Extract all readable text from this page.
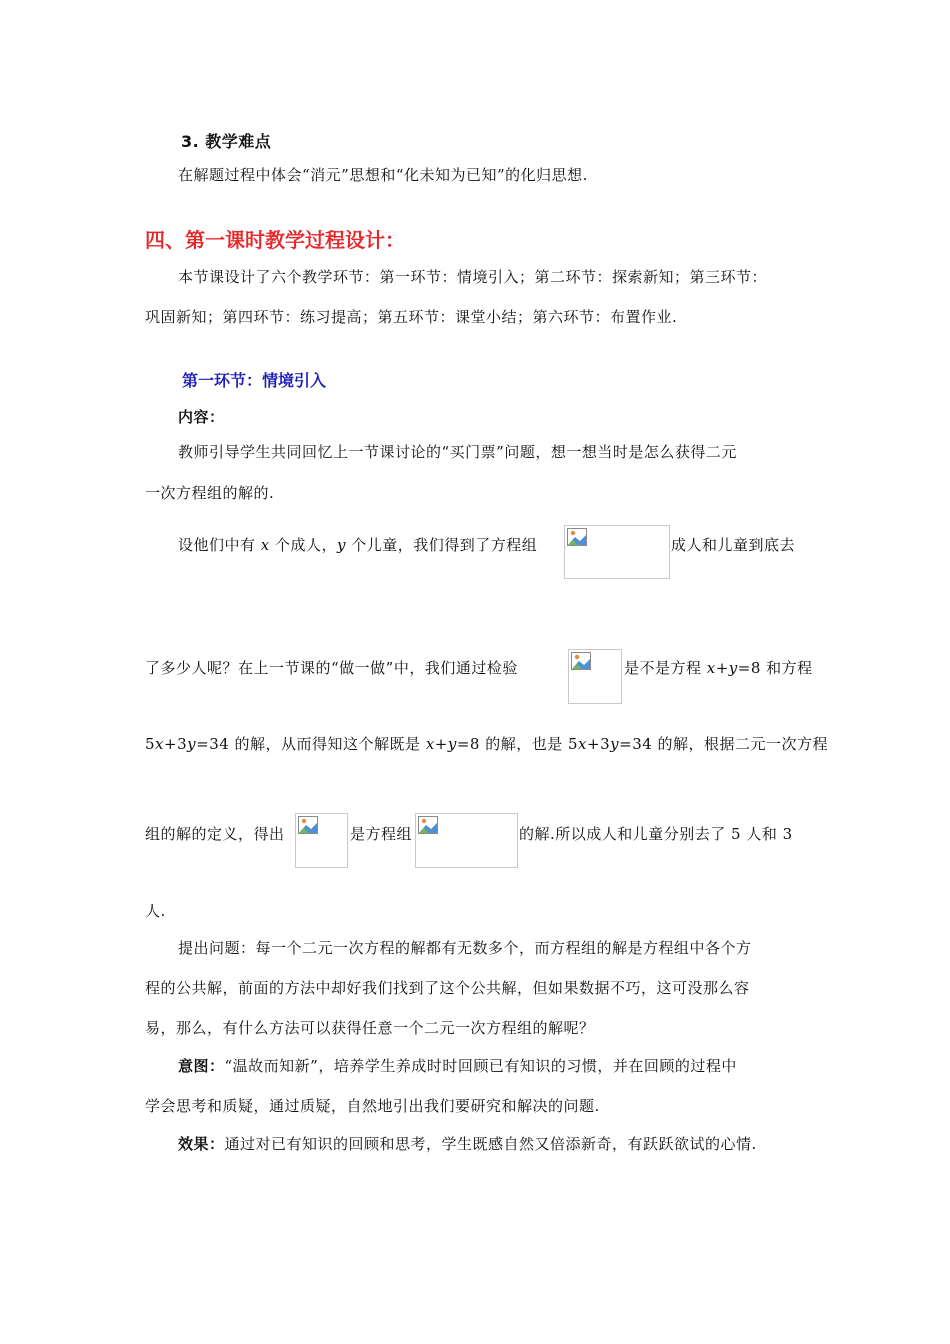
3. 教学难点
在解题过程中体会“消元”思想和“化未知为已知”的化归思想.
四、第一课时教学过程设计：
本节课设计了六个教学环节：第一环节：情境引入；第二环节：探索新知；第三环节：
巩固新知；第四环节：练习提高；第五环节：课堂小结；第六环节：布置作业.
第一环节：情境引入
内容：
教师引导学生共同回忆上一节课讨论的“买门票”问题，想一想当时是怎么获得二元
一次方程组的解的.
设他们中有 x 个成人，y 个儿童，我们得到了方程组	成人和儿童到底去
了多少人呢？在上一节课的“做一做”中，我们通过检验	是不是方程 x+y=8 和方程
5x+3y=34 的解，从而得知这个解既是 x+y=8 的解，也是 5x+3y=34 的解，根据二元一次方程
组的解的定义，得出	是方程组	的解.所以成人和儿童分别去了 5 人和 3
人.
提出问题：每一个二元一次方程的解都有无数多个，而方程组的解是方程组中各个方
程的公共解，前面的方法中却好我们找到了这个公共解，但如果数据不巧，这可没那么容
易，那么，有什么方法可以获得任意一个二元一次方程组的解呢？
意图：“温故而知新”，培养学生养成时时回顾已有知识的习惯，并在回顾的过程中
学会思考和质疑，通过质疑，自然地引出我们要研究和解决的问题.
效果：通过对已有知识的回顾和思考，学生既感自然又倍添新奇，有跃跃欲试的心情.
